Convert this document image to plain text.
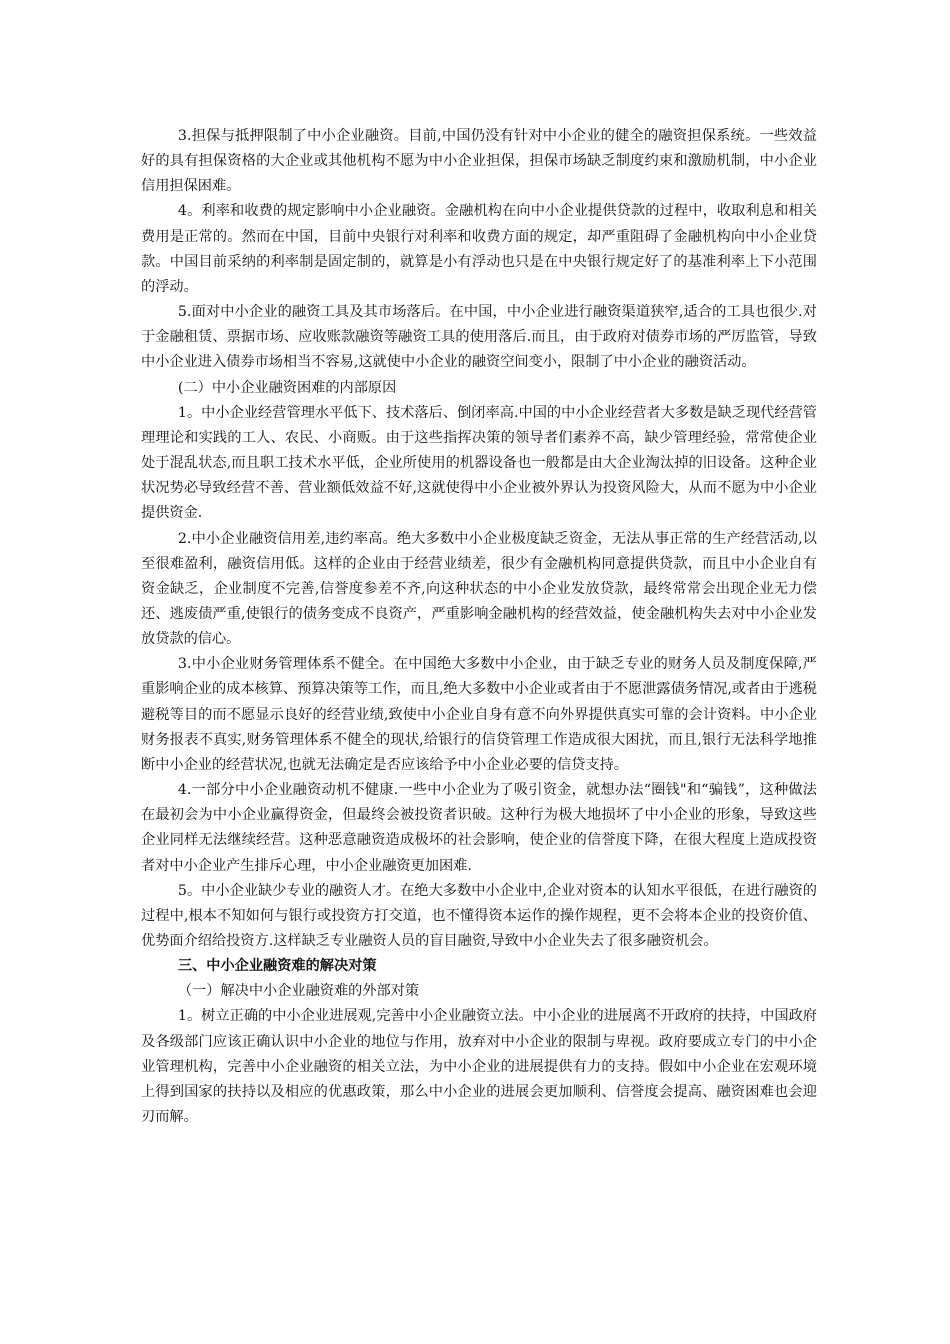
3.担保与抵押限制了中小企业融资。目前,中国仍没有针对中小企业的健全的融资担保系统。一些效益好的具有担保资格的大企业或其他机构不愿为中小企业担保，担保市场缺乏制度约束和激励机制，中小企业信用担保困难。

4。利率和收费的规定影响中小企业融资。金融机构在向中小企业提供贷款的过程中，收取利息和相关费用是正常的。然而在中国，目前中央银行对利率和收费方面的规定，却严重阻碍了金融机构向中小企业贷款。中国目前采纳的利率制是固定制的，就算是小有浮动也只是在中央银行规定好了的基准利率上下小范围的浮动。

5.面对中小企业的融资工具及其市场落后。在中国，中小企业进行融资渠道狭窄,适合的工具也很少.对于金融租赁、票据市场、应收账款融资等融资工具的使用落后.而且，由于政府对债券市场的严厉监管，导致中小企业进入债券市场相当不容易,这就使中小企业的融资空间变小，限制了中小企业的融资活动。

(二）中小企业融资困难的内部原因

1。中小企业经营管理水平低下、技术落后、倒闭率高.中国的中小企业经营者大多数是缺乏现代经营管理理论和实践的工人、农民、小商贩。由于这些指挥决策的领导者们素养不高，缺少管理经验，常常使企业处于混乱状态,而且职工技术水平低，企业所使用的机器设备也一般都是由大企业淘汰掉的旧设备。这种企业状况势必导致经营不善、营业额低效益不好,这就使得中小企业被外界认为投资风险大，从而不愿为中小企业提供资金.

2.中小企业融资信用差,违约率高。绝大多数中小企业极度缺乏资金，无法从事正常的生产经营活动,以至很难盈利，融资信用低。这样的企业由于经营业绩差，很少有金融机构同意提供贷款，而且中小企业自有资金缺乏，企业制度不完善,信誉度参差不齐,向这种状态的中小企业发放贷款，最终常常会出现企业无力偿还、逃废债严重,使银行的债务变成不良资产，严重影响金融机构的经营效益，使金融机构失去对中小企业发放贷款的信心。

3.中小企业财务管理体系不健全。在中国绝大多数中小企业，由于缺乏专业的财务人员及制度保障,严重影响企业的成本核算、预算决策等工作，而且,绝大多数中小企业或者由于不愿泄露债务情况,或者由于逃税避税等目的而不愿显示良好的经营业绩,致使中小企业自身有意不向外界提供真实可靠的会计资料。中小企业财务报表不真实,财务管理体系不健全的现状,给银行的信贷管理工作造成很大困扰，而且,银行无法科学地推断中小企业的经营状况,也就无法确定是否应该给予中小企业必要的信贷支持。

4.一部分中小企业融资动机不健康.一些中小企业为了吸引资金，就想办法“圈钱"和“骗钱”，这种做法在最初会为中小企业赢得资金，但最终会被投资者识破。这种行为极大地损坏了中小企业的形象，导致这些企业同样无法继续经营。这种恶意融资造成极坏的社会影响，使企业的信誉度下降，在很大程度上造成投资者对中小企业产生排斥心理，中小企业融资更加困难.

5。中小企业缺少专业的融资人才。在绝大多数中小企业中,企业对资本的认知水平很低，在进行融资的过程中,根本不知如何与银行或投资方打交道，也不懂得资本运作的操作规程，更不会将本企业的投资价值、优势面介绍给投资方.这样缺乏专业融资人员的盲目融资,导致中小企业失去了很多融资机会。

三、中小企业融资难的解决对策

（一）解决中小企业融资难的外部对策

1。树立正确的中小企业进展观,完善中小企业融资立法。中小企业的进展离不开政府的扶持，中国政府及各级部门应该正确认识中小企业的地位与作用，放弃对中小企业的限制与卑视。政府要成立专门的中小企业管理机构，完善中小企业融资的相关立法，为中小企业的进展提供有力的支持。假如中小企业在宏观环境上得到国家的扶持以及相应的优惠政策，那么中小企业的进展会更加顺利、信誉度会提高、融资困难也会迎刃而解。
